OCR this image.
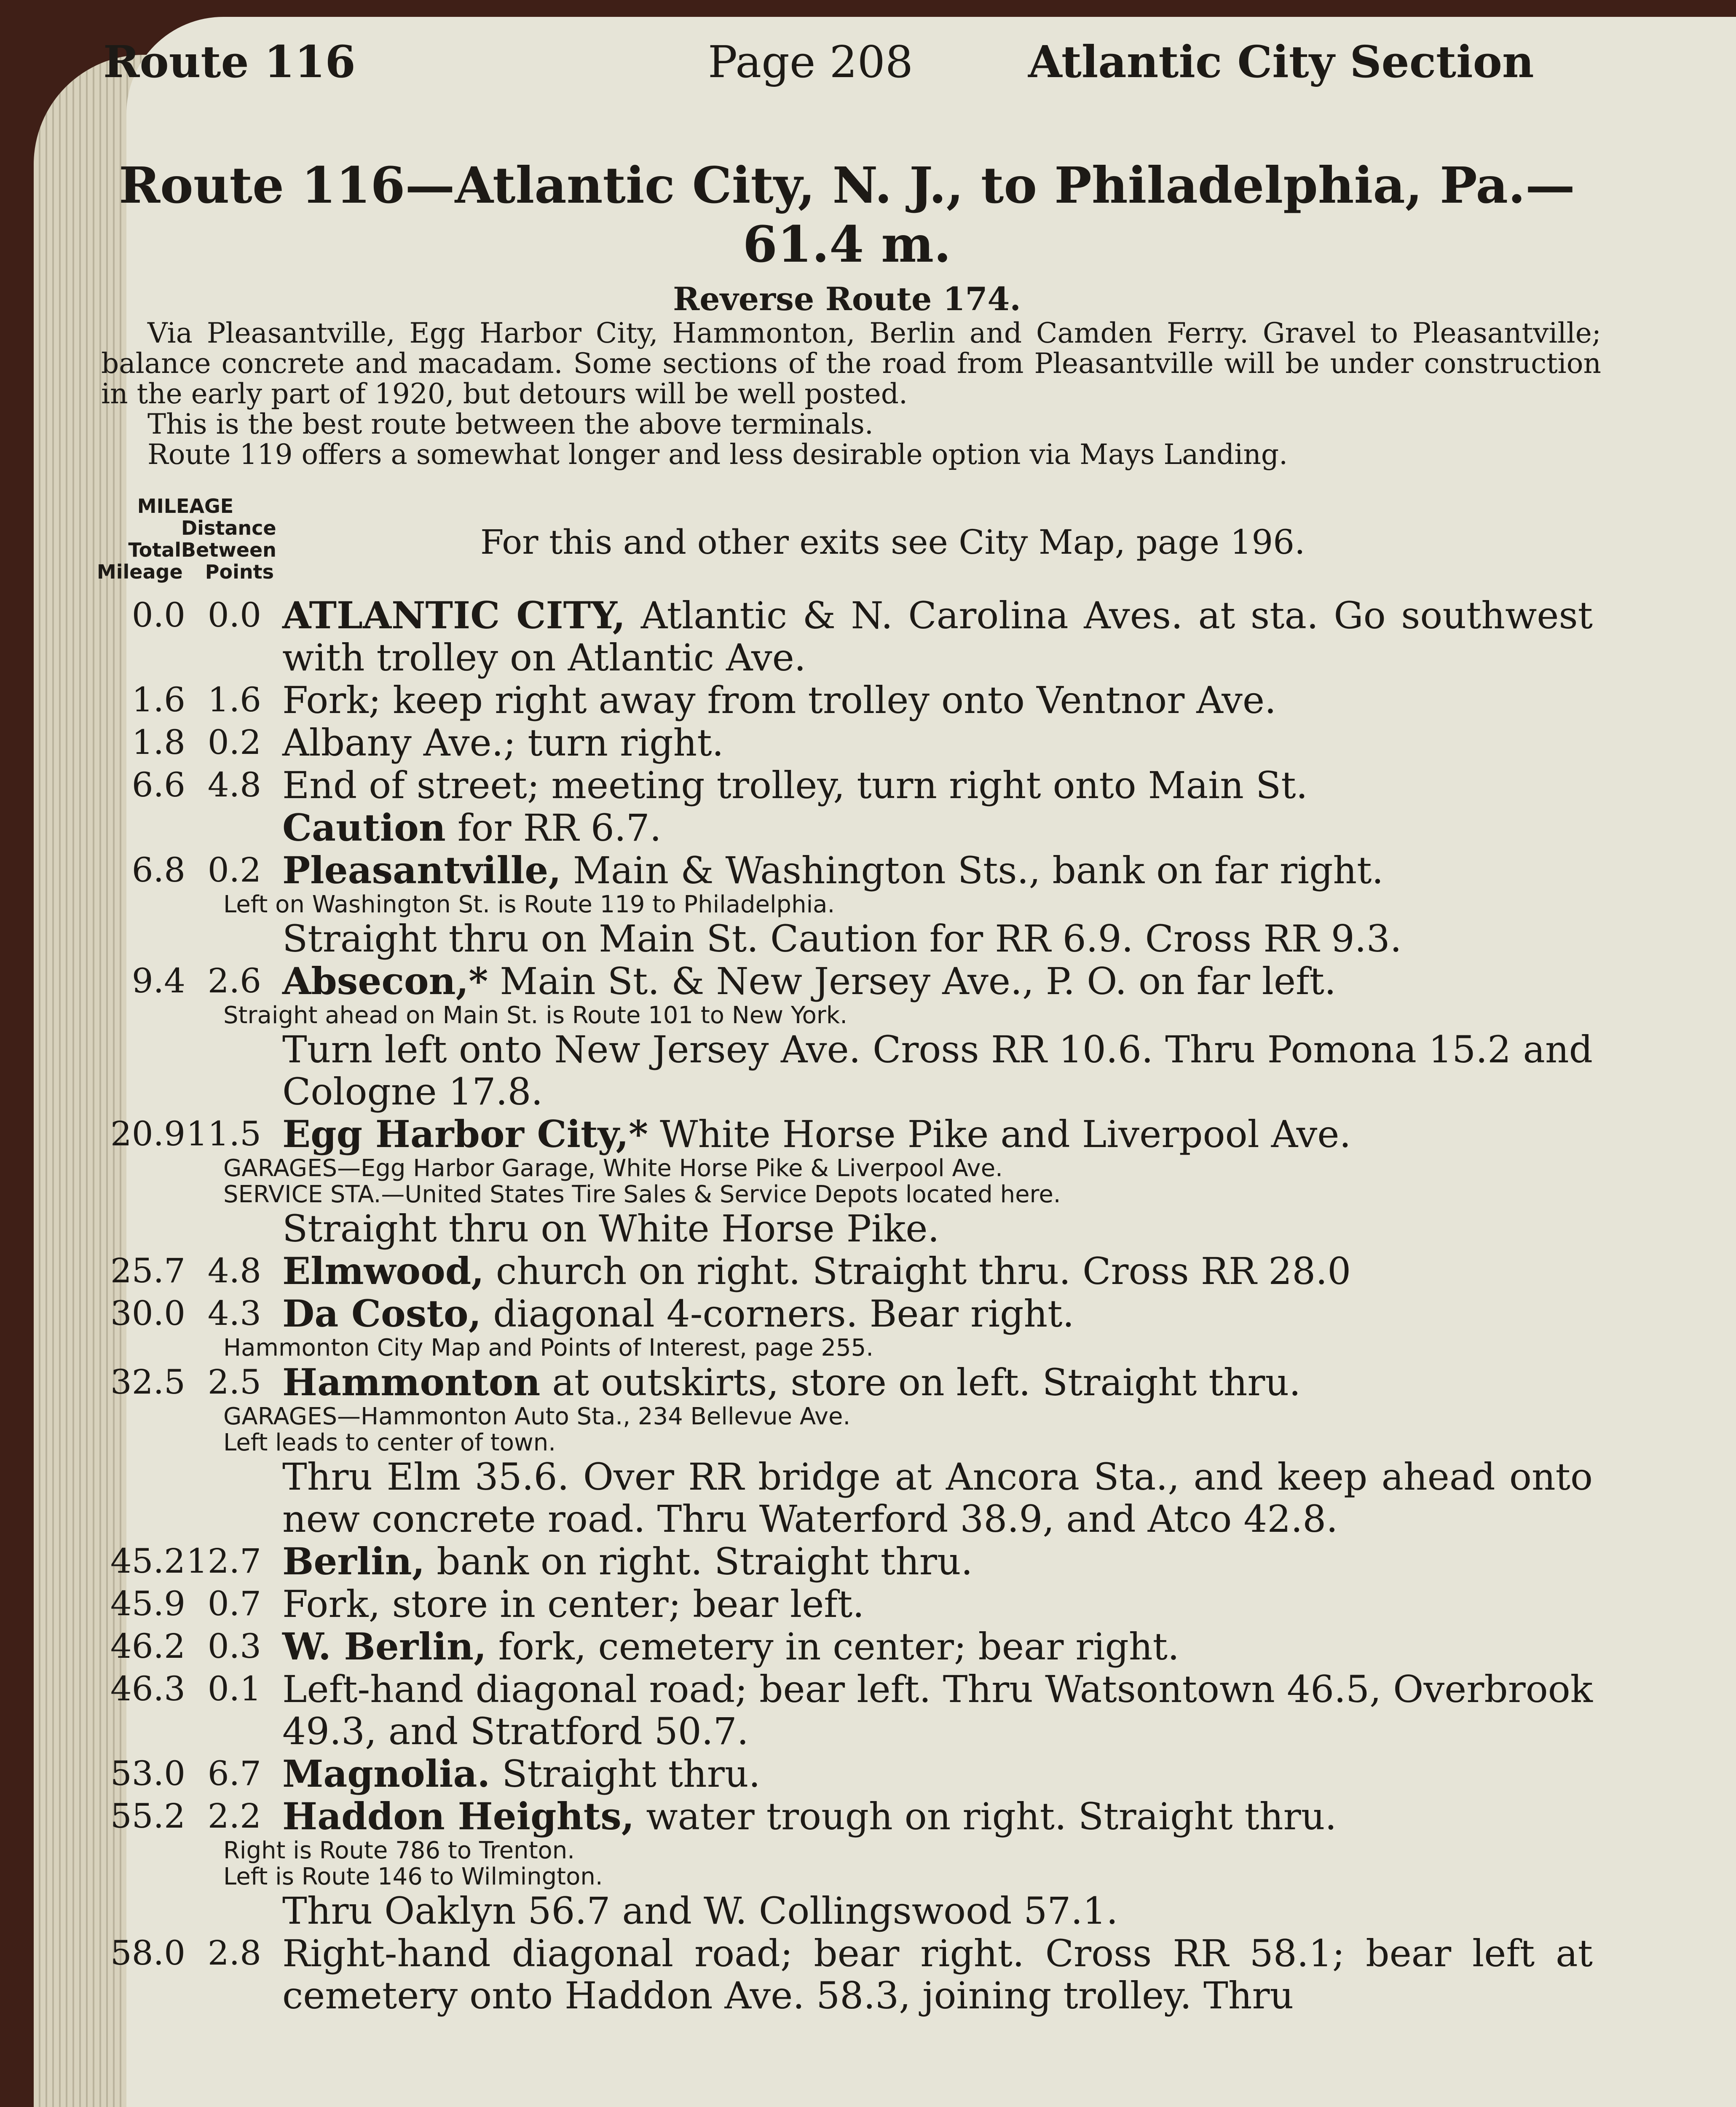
Route 116	Page 208	Atlantic City Section
Route 116—Atlantic City, N. J., to Philadelphia, Pa.— 61.4 m.
Reverse Route 174.

Via Pleasantville, Egg Harbor City, Hammonton, Berlin and Camden Ferry. Gravel to Pleasantville; balance concrete and macadam. Some sections of the road from Pleasantville will be under construction in the early part of 1920, but detours will be well posted.

This is the best route between the above terminals.

Route 119 offers a somewhat longer and less desirable option via Mays Landing.

MILEAGE
Distance
Total Between
Mileage	Points
For this and other exits see City Map, page 196.
0.0 0.0 ATLANTIC CITY, Atlantic & N. Carolina Aves. at sta. Go southwest with trolley on Atlantic Ave.
1.6 1.6 Fork; keep right away from trolley onto Ventnor Ave.
1.8 0.2 Albany Ave.; turn right.
6.6 4.8 End of street; meeting trolley, turn right onto Main St.
Caution for RR 6.7.
6.8 0.2 Pleasantville, Main & Washington Sts., bank on far right.
Left on Washington St. is Route 119 to Philadelphia.
Straight thru on Main St. Caution for RR 6.9. Cross RR 9.3.
9.4 2.6 Absecon,* Main St. & New Jersey Ave., P. O. on far left.
Straight ahead on Main St. is Route 101 to New York.
Turn left onto New Jersey Ave. Cross RR 10.6. Thru Pomona 15.2 and Cologne 17.8.
20.9 11.5 Egg Harbor City,* White Horse Pike and Liverpool Ave.
GARAGES—Egg Harbor Garage, White Horse Pike & Liverpool Ave.
SERVICE STA.—United States Tire Sales & Service Depots located here.
Straight thru on White Horse Pike.
25.7 4.8 Elmwood, church on right. Straight thru. Cross RR 28.0
30.0 4.3 Da Costo, diagonal 4-corners. Bear right.
Hammonton City Map and Points of Interest, page 255.
32.5 2.5 Hammonton at outskirts, store on left. Straight thru.
GARAGES—Hammonton Auto Sta., 234 Bellevue Ave.
Left leads to center of town.
Thru Elm 35.6. Over RR bridge at Ancora Sta., and keep ahead onto new concrete road. Thru Waterford 38.9, and Atco 42.8.
45.2 12.7 Berlin, bank on right. Straight thru.
45.9 0.7 Fork, store in center; bear left.
46.2 0.3 W. Berlin, fork, cemetery in center; bear right.
46.3 0.1 Left-hand diagonal road; bear left. Thru Watsontown 46.5, Overbrook 49.3, and Stratford 50.7.
53.0 6.7 Magnolia. Straight thru.
55.2 2.2 Haddon Heights, water trough on right. Straight thru.
Right is Route 786 to Trenton.
Left is Route 146 to Wilmington.
Thru Oaklyn 56.7 and W. Collingswood 57.1.
58.0 2.8 Right-hand diagonal road; bear right. Cross RR 58.1; bear left at cemetery onto Haddon Ave. 58.3, joining trolley. Thru
